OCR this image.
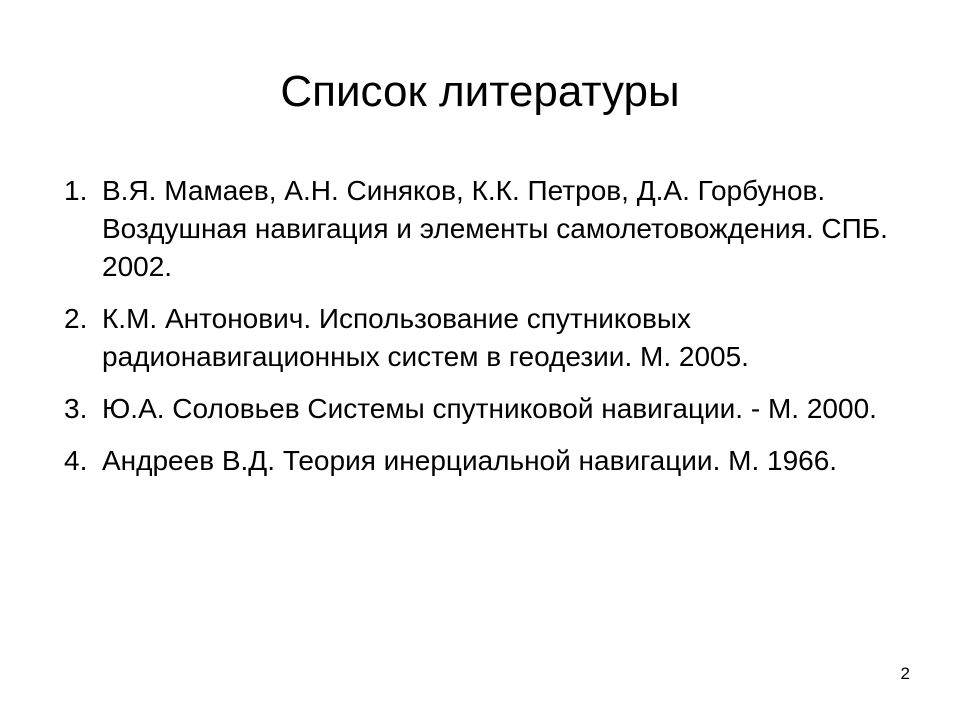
Список литературы
1. В.Я. Мамаев, А.Н. Синяков, К.К. Петров, Д.А. Горбунов. Воздушная навигация и элементы самолетовождения. СПБ. 2002.
2. К.М. Антонович. Использование спутниковых радионавигационных систем в геодезии. М. 2005.
3. Ю.А. Соловьев Системы спутниковой навигации. - М. 2000.
4. Андреев В.Д. Теория инерциальной навигации. М. 1966.
2
